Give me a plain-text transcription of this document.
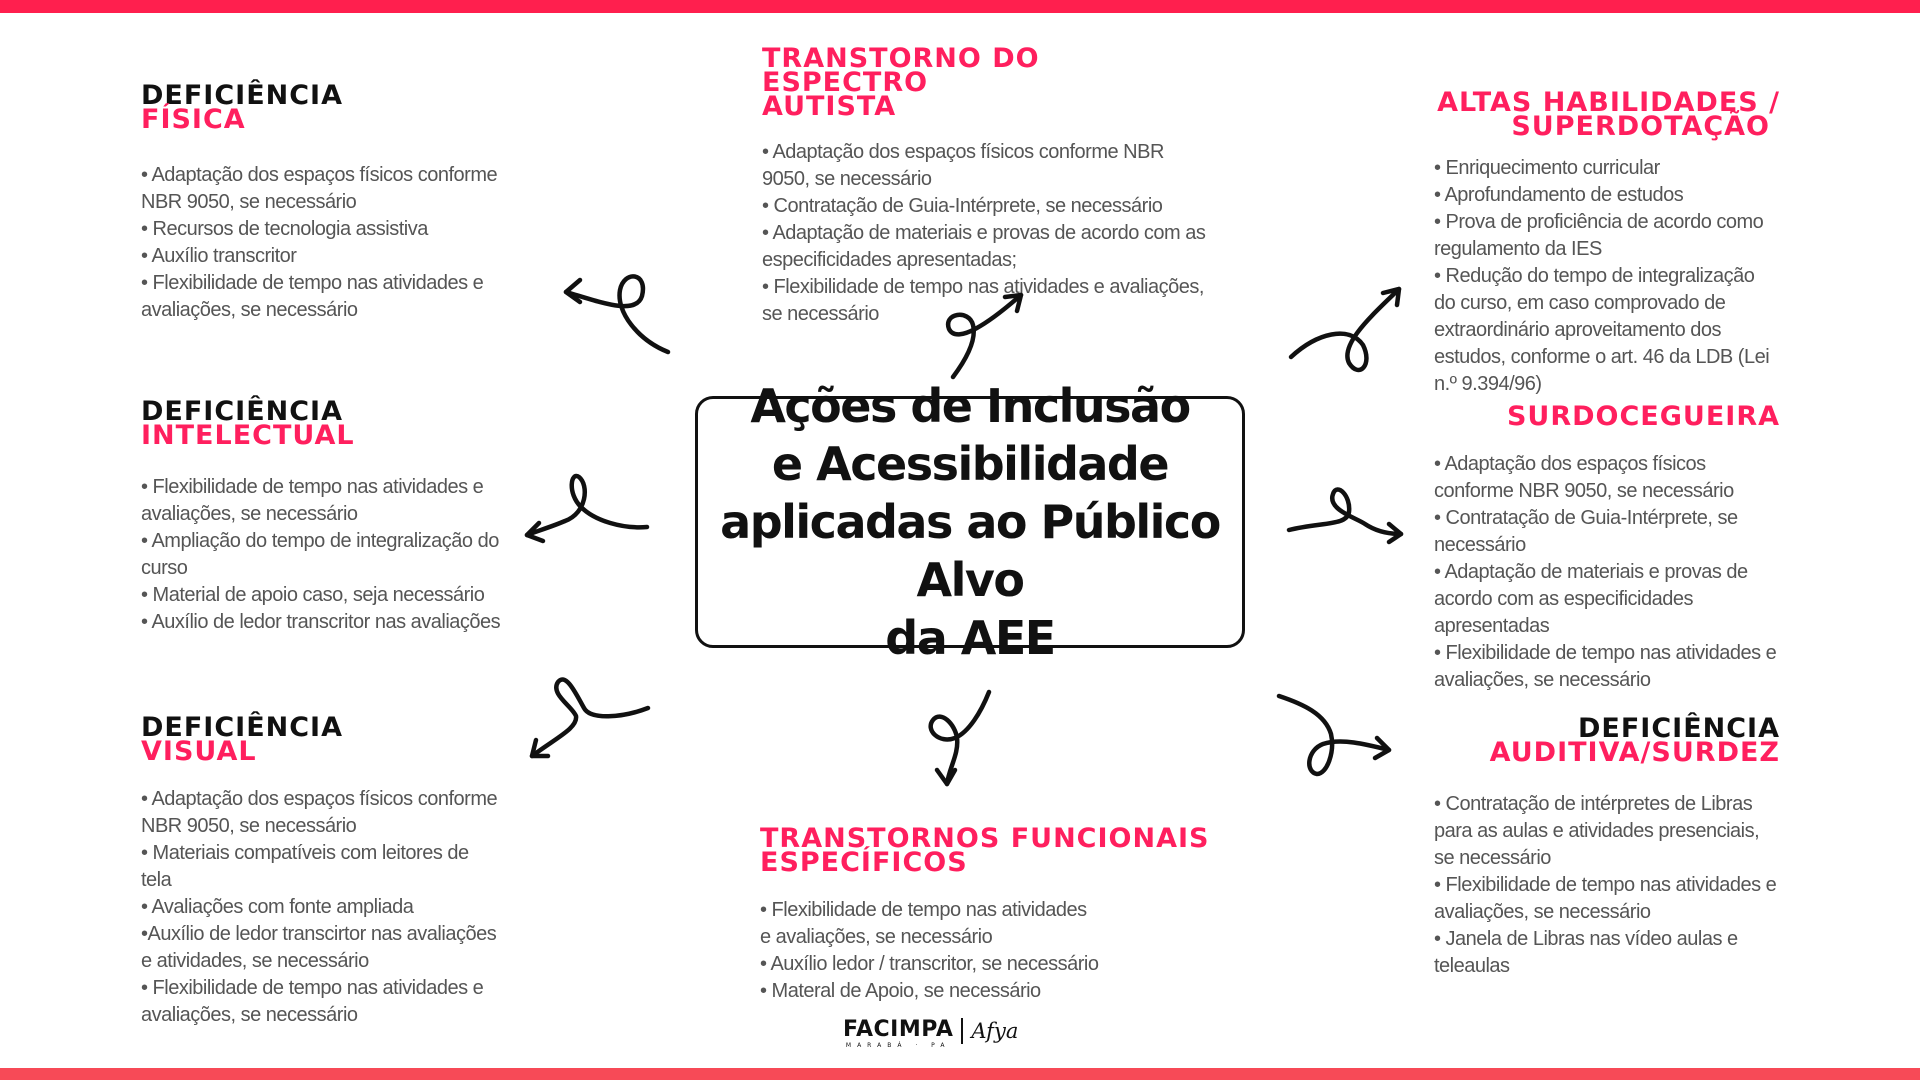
DEFICIÊNCIA
FÍSICA
• Adaptação dos espaços físicos conforme NBR 9050, se necessário
• Recursos de tecnologia assistiva
• Auxílio transcritor
• Flexibilidade de tempo nas atividades e avaliações, se necessário
TRANSTORNO DO ESPECTRO
AUTISTA
• Adaptação dos espaços físicos conforme NBR 9050, se necessário
• Contratação de Guia-Intérprete, se necessário
• Adaptação de materiais e provas de acordo com as especificidades apresentadas;
• Flexibilidade de tempo nas atividades e avaliações, se necessário
ALTAS HABILIDADES /
SUPERDOTAÇÃO
• Enriquecimento curricular
• Aprofundamento de estudos
• Prova de proficiência de acordo como regulamento da IES
• Redução do tempo de integralização do curso, em caso comprovado de extraordinário aproveitamento dos estudos, conforme o art. 46 da LDB (Lei n.º 9.394/96)
DEFICIÊNCIA
INTELECTUAL
• Flexibilidade de tempo nas atividades e avaliações, se necessário
• Ampliação do tempo de integralização do curso
• Material de apoio caso, seja necessário
• Auxílio de ledor transcritor nas avaliações
SURDOCEGUEIRA
• Adaptação dos espaços físicos conforme NBR 9050, se necessário
• Contratação de Guia-Intérprete, se necessário
• Adaptação de materiais e provas de acordo com as especificidades apresentadas
• Flexibilidade de tempo nas atividades e avaliações, se necessário
DEFICIÊNCIA
VISUAL
• Adaptação dos espaços físicos conforme NBR 9050, se necessário
• Materiais compatíveis com leitores de tela
• Avaliações com fonte ampliada
•Auxílio de ledor transcirtor nas avaliações e atividades, se necessário
• Flexibilidade de tempo nas atividades e avaliações, se necessário
TRANSTORNOS FUNCIONAIS
ESPECÍFICOS
• Flexibilidade de tempo nas atividades e avaliações, se necessário
• Auxílio ledor / transcritor, se necessário
• Materal de Apoio, se necessário
DEFICIÊNCIA
AUDITIVA/SURDEZ
• Contratação de intérpretes de Libras para as aulas e atividades presenciais, se necessário
• Flexibilidade de tempo nas atividades e avaliações, se necessário
• Janela de Libras nas vídeo aulas e teleaulas
Ações de Inclusão
e Acessibilidade
aplicadas ao Público Alvo
da AEE
FACIMPA
MARABÁ · PA
Afya
